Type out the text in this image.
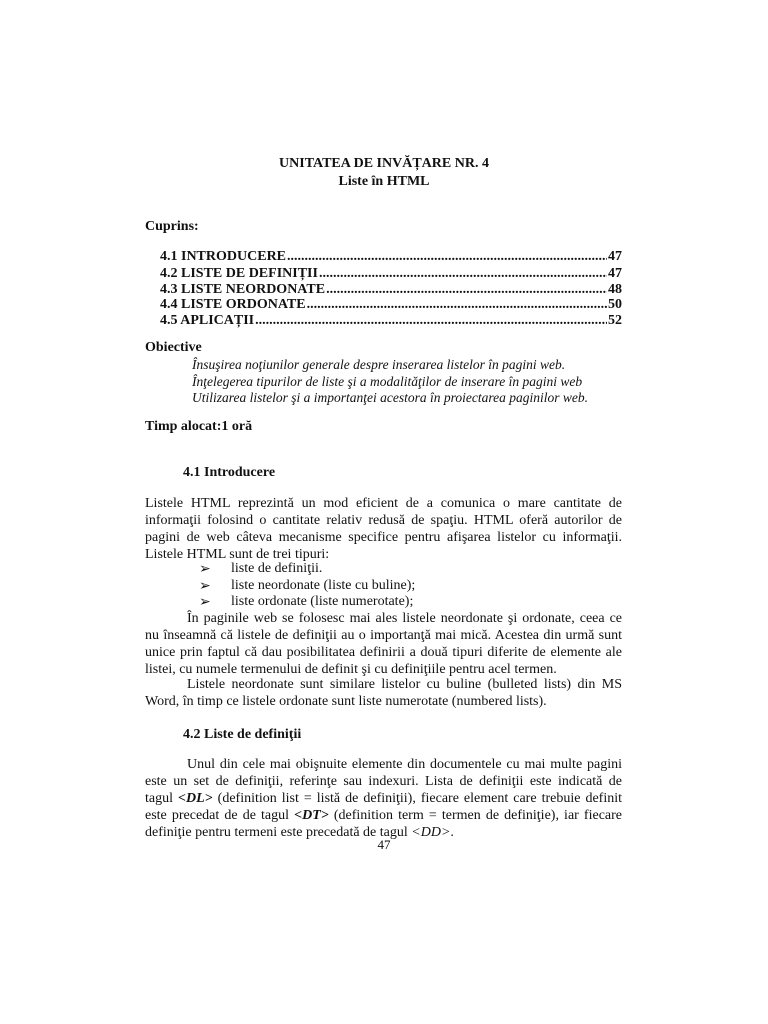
UNITATEA DE INVĂȚARE NR. 4
Liste în HTML
Cuprins:
4.1 INTRODUCERE .....	47
4.2 LISTE DE DEFINIȚII .....	47
4.3 LISTE NEORDONATE .....	48
4.4 LISTE ORDONATE .....	50
4.5 APLICAȚII .....	52
Obiective
Însuşirea noţiunilor generale despre inserarea listelor în pagini web.
Înţelegerea tipurilor de liste şi a modalităţilor de inserare în pagini web
Utilizarea listelor şi a importanţei acestora în proiectarea paginilor web.
Timp alocat:1 oră
4.1 Introducere
Listele HTML reprezintă un mod eficient de a comunica o mare cantitate de
informaţii folosind o cantitate relativ redusă de spaţiu. HTML oferă autorilor de
pagini de web câteva mecanisme specifice pentru afişarea listelor cu informaţii.
Listele HTML sunt de trei tipuri:
➢ liste de definiţii.
➢ liste neordonate (liste cu buline);
➢ liste ordonate (liste numerotate);
În paginile web se folosesc mai ales listele neordonate şi ordonate, ceea ce
nu înseamnă că listele de definiţii au o importanţă mai mică. Acestea din urmă sunt
unice prin faptul că dau posibilitatea definirii a două tipuri diferite de elemente ale
listei, cu numele termenului de definit şi cu definiţiile pentru acel termen.
Listele neordonate sunt similare listelor cu buline (bulleted lists) din MS
Word, în timp ce listele ordonate sunt liste numerotate (numbered lists).
4.2 Liste de definiţii
Unul din cele mai obişnuite elemente din documentele cu mai multe pagini
este un set de definiţii, referinţe sau indexuri. Lista de definiţii este indicată de
tagul <DL> (definition list = listă de definiţii), fiecare element care trebuie definit
este precedat de de tagul <DT> (definition term = termen de definiţie), iar fiecare
definiţie pentru termeni este precedată de tagul <DD>.
47
